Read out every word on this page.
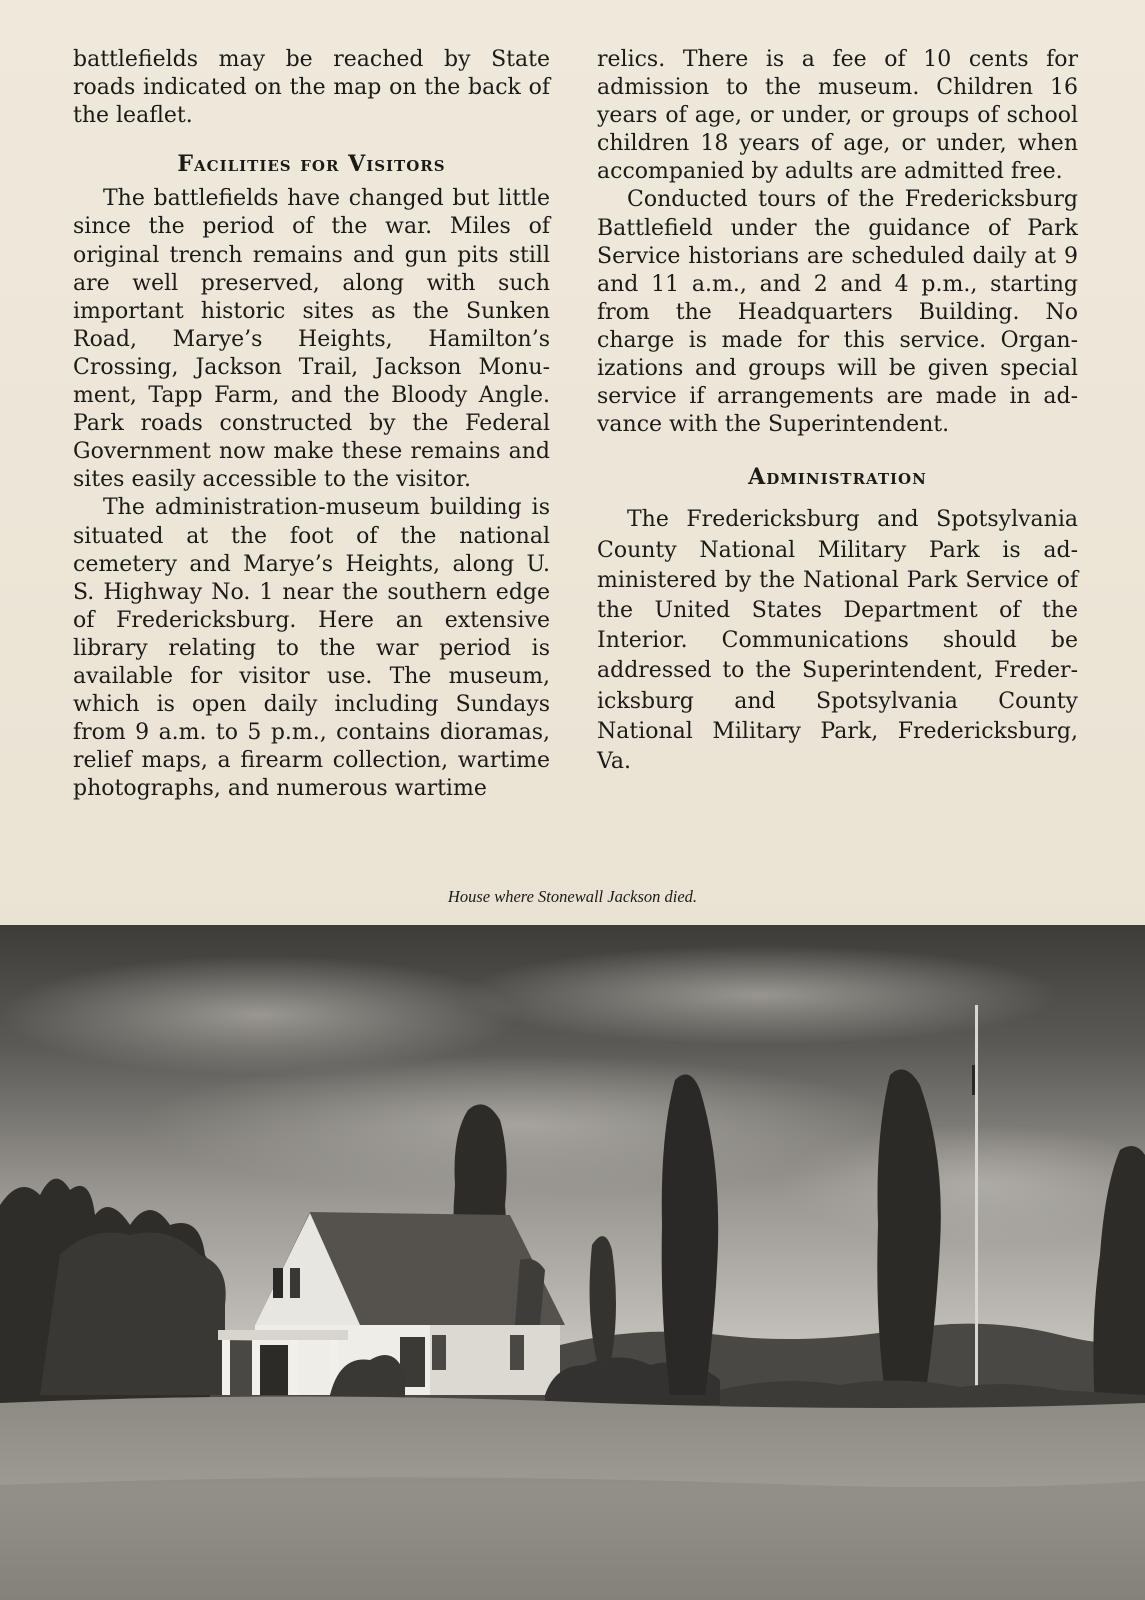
battlefields may be reached by State roads indicated on the map on the back of the leaflet.

Facilities for Visitors

The battlefields have changed but little since the period of the war. Miles of original trench remains and gun pits still are well preserved, along with such important historic sites as the Sunken Road, Marye’s Heights, Hamilton’s Crossing, Jackson Trail, Jackson Monument, Tapp Farm, and the Bloody Angle. Park roads constructed by the Federal Government now make these remains and sites easily accessible to the visitor.

The administration-museum building is situated at the foot of the national cemetery and Marye’s Heights, along U. S. Highway No. 1 near the southern edge of Fredericksburg. Here an extensive library relating to the war period is available for visitor use. The museum, which is open daily including Sundays from 9 a.m. to 5 p.m., contains dioramas, relief maps, a firearm collection, wartime photographs, and numerous wartime

relics. There is a fee of 10 cents for admission to the museum. Children 16 years of age, or under, or groups of school children 18 years of age, or under, when accompanied by adults are admitted free.

Conducted tours of the Fredericksburg Battlefield under the guidance of Park Service historians are scheduled daily at 9 and 11 a.m., and 2 and 4 p.m., starting from the Headquarters Building. No charge is made for this service. Organizations and groups will be given special service if arrangements are made in advance with the Superintendent.

Administration

The Fredericksburg and Spotsylvania County National Military Park is administered by the National Park Service of the United States Department of the Interior. Communications should be addressed to the Superintendent, Fredericksburg and Spotsylvania County National Military Park, Fredericksburg, Va.

House where Stonewall Jackson died.
